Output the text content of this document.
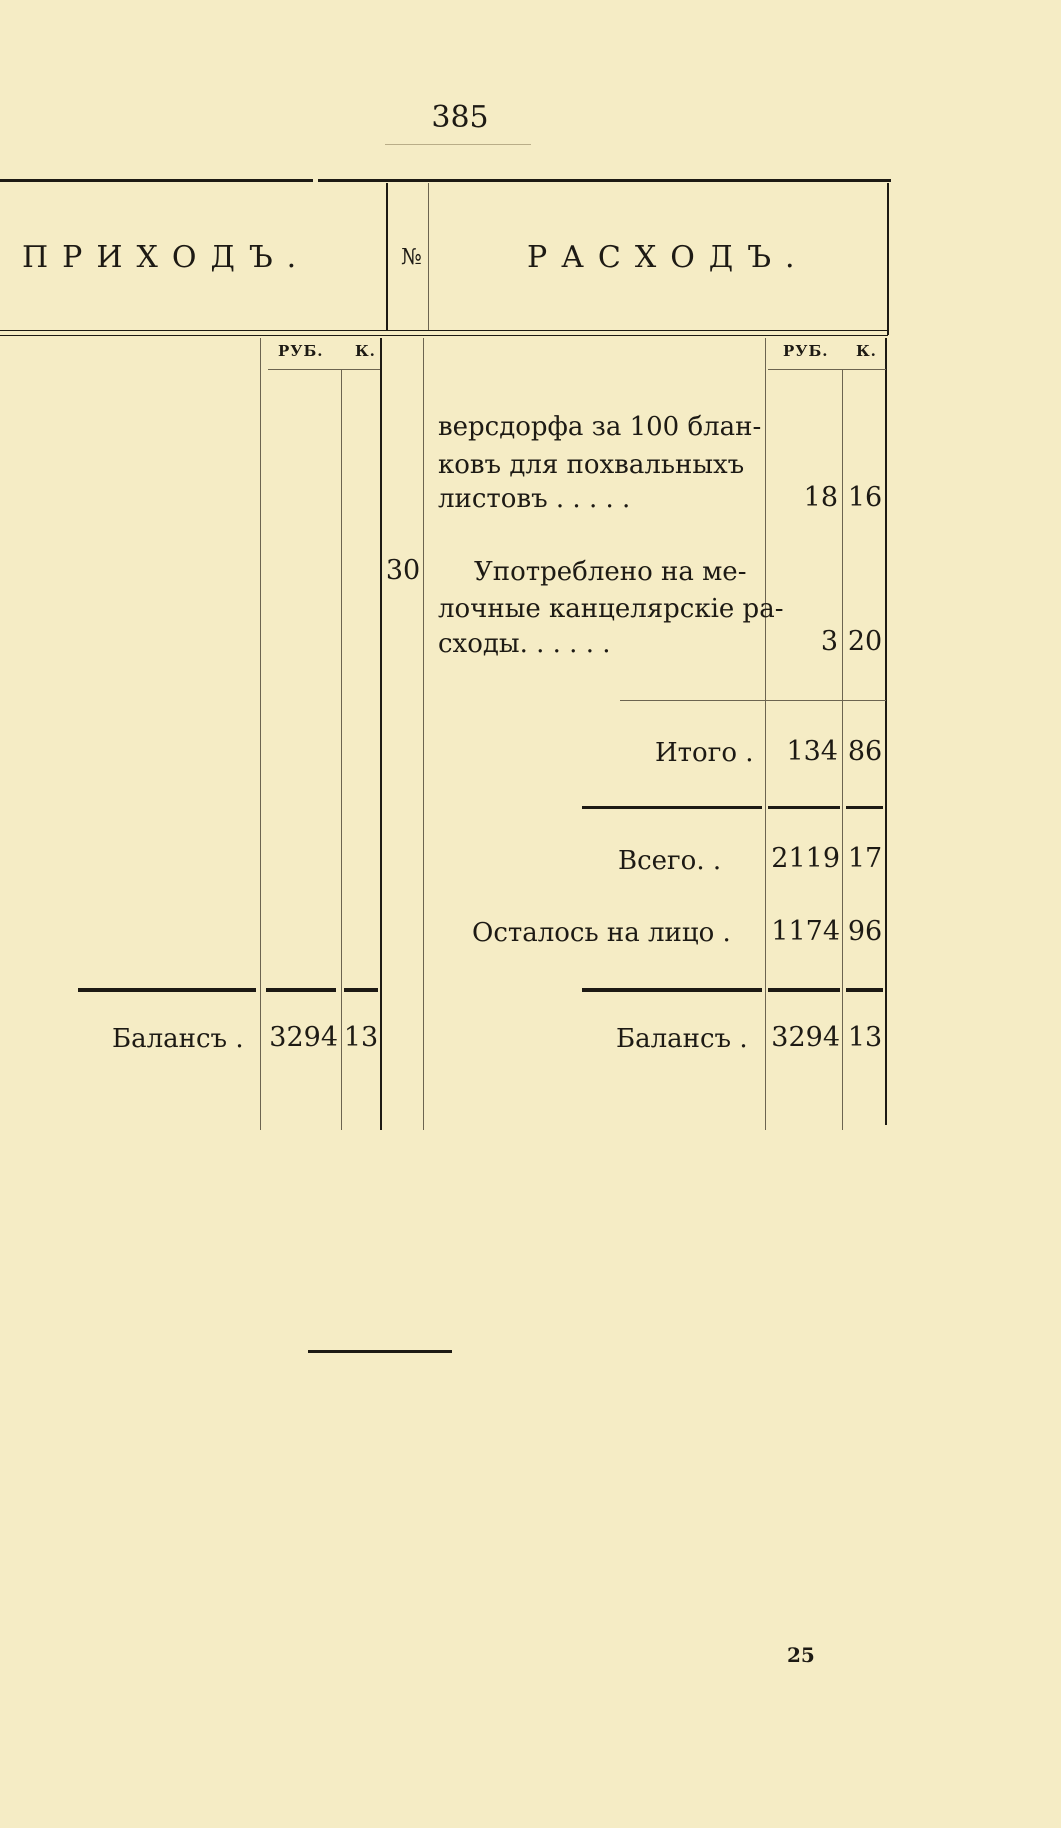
385
ПРИХОДЪ.	№	РАСХОДЪ.
РУБ. К.	РУБ. К.
версдорфа за 100 блан-
ковъ для похвальныхъ
листовъ . . . . .	18 16
30 Употреблено на ме-
лочные канцелярскіе ра-
сходы. . . . . .	3 20
Итого .	134 86
Всего. . 2119 17
Осталось на лицо . 1174 96
Балансъ . 3294 13	Балансъ . 3294 13
25
